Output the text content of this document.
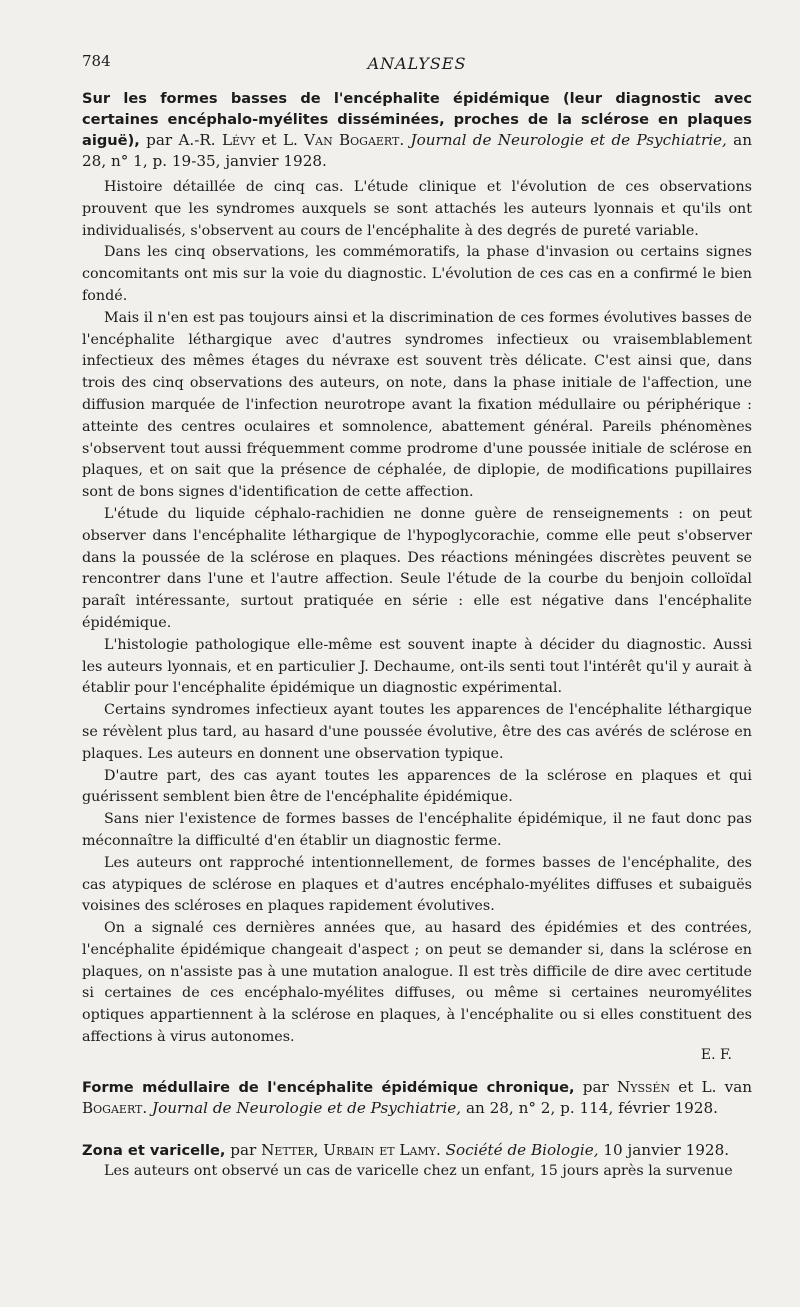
784	ANALYSES
Sur les formes basses de l'encéphalite épidémique (leur diagnostic avec certaines encéphalo-myélites disséminées, proches de la sclérose en plaques aiguë), par A.-R. Lévy et L. Van Bogaert. Journal de Neurologie et de Psychiatrie, an 28, n° 1, p. 19-35, janvier 1928.

Histoire détaillée de cinq cas. L'étude clinique et l'évolution de ces observations prouvent que les syndromes auxquels se sont attachés les auteurs lyonnais et qu'ils ont individualisés, s'observent au cours de l'encéphalite à des degrés de pureté variable.

Dans les cinq observations, les commémoratifs, la phase d'invasion ou certains signes concomitants ont mis sur la voie du diagnostic. L'évolution de ces cas en a confirmé le bien fondé.

Mais il n'en est pas toujours ainsi et la discrimination de ces formes évolutives basses de l'encéphalite léthargique avec d'autres syndromes infectieux ou vraisemblablement infectieux des mêmes étages du névraxe est souvent très délicate. C'est ainsi que, dans trois des cinq observations des auteurs, on note, dans la phase initiale de l'affection, une diffusion marquée de l'infection neurotrope avant la fixation médullaire ou périphérique : atteinte des centres oculaires et somnolence, abattement général. Pareils phénomènes s'observent tout aussi fréquemment comme prodrome d'une poussée initiale de sclérose en plaques, et on sait que la présence de céphalée, de diplopie, de modifications pupillaires sont de bons signes d'identification de cette affection.

L'étude du liquide céphalo-rachidien ne donne guère de renseignements : on peut observer dans l'encéphalite léthargique de l'hypoglycorachie, comme elle peut s'observer dans la poussée de la sclérose en plaques. Des réactions méningées discrètes peuvent se rencontrer dans l'une et l'autre affection. Seule l'étude de la courbe du benjoin colloïdal paraît intéressante, surtout pratiquée en série : elle est négative dans l'encéphalite épidémique.

L'histologie pathologique elle-même est souvent inapte à décider du diagnostic. Aussi les auteurs lyonnais, et en particulier J. Dechaume, ont-ils senti tout l'intérêt qu'il y aurait à établir pour l'encéphalite épidémique un diagnostic expérimental.

Certains syndromes infectieux ayant toutes les apparences de l'encéphalite léthargique se révèlent plus tard, au hasard d'une poussée évolutive, être des cas avérés de sclérose en plaques. Les auteurs en donnent une observation typique.

D'autre part, des cas ayant toutes les apparences de la sclérose en plaques et qui guérissent semblent bien être de l'encéphalite épidémique.

Sans nier l'existence de formes basses de l'encéphalite épidémique, il ne faut donc pas méconnaître la difficulté d'en établir un diagnostic ferme.

Les auteurs ont rapproché intentionnellement, de formes basses de l'encéphalite, des cas atypiques de sclérose en plaques et d'autres encéphalo-myélites diffuses et subaiguës voisines des scléroses en plaques rapidement évolutives.

On a signalé ces dernières années que, au hasard des épidémies et des contrées, l'encéphalite épidémique changeait d'aspect ; on peut se demander si, dans la sclérose en plaques, on n'assiste pas à une mutation analogue. Il est très difficile de dire avec certitude si certaines de ces encéphalo-myélites diffuses, ou même si certaines neuromyélites optiques appartiennent à la sclérose en plaques, à l'encéphalite ou si elles constituent des affections à virus autonomes.

E. F.
Forme médullaire de l'encéphalite épidémique chronique, par Nyssén et L. van Bogaert. Journal de Neurologie et de Psychiatrie, an 28, n° 2, p. 114, février 1928.
Zona et varicelle, par Netter, Urbain et Lamy. Société de Biologie, 10 janvier 1928.

Les auteurs ont observé un cas de varicelle chez un enfant, 15 jours après la survenue
